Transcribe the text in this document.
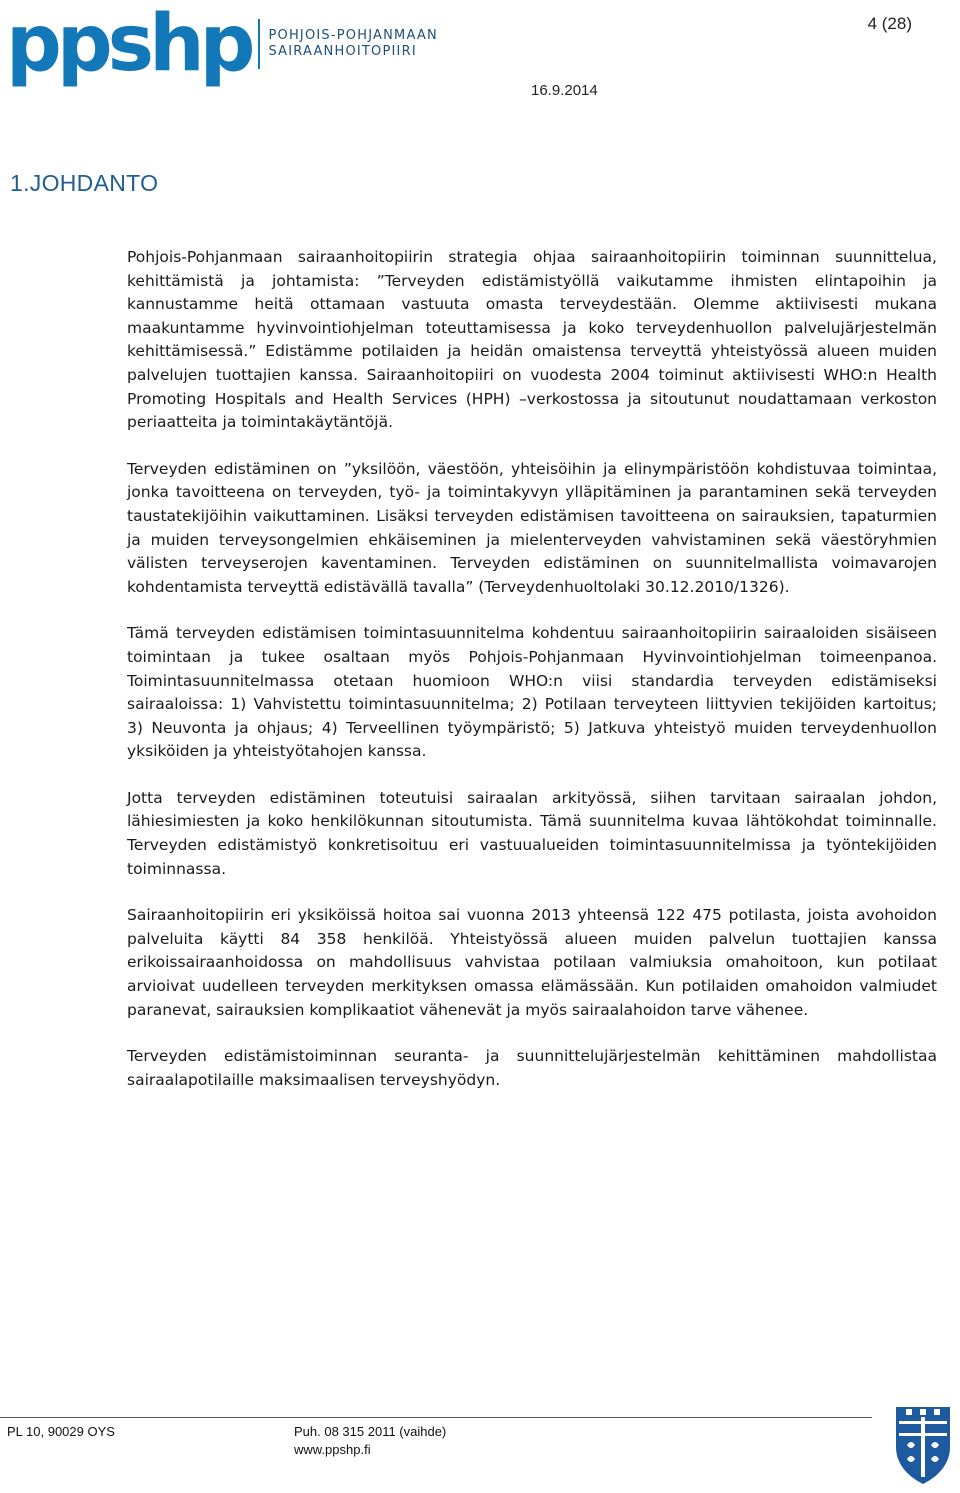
ppshp POHJOIS-POHJANMAAN
SAIRAANHOITOPIIRI
4 (28)
16.9.2014
1.JOHDANTO

Pohjois-Pohjanmaan sairaanhoitopiirin strategia ohjaa sairaanhoitopiirin toiminnan suunnittelua, kehittämistä ja johtamista: ”Terveyden edistämistyöllä vaikutamme ihmisten elintapoihin ja kannustamme heitä ottamaan vastuuta omasta terveydestään. Olemme aktiivisesti mukana maakuntamme hyvinvointiohjelman toteuttamisessa ja koko terveydenhuollon palvelujärjestelmän kehittämisessä.” Edistämme potilaiden ja heidän omaistensa terveyttä yhteistyössä alueen muiden palvelujen tuottajien kanssa. Sairaanhoitopiiri on vuodesta 2004 toiminut aktiivisesti WHO:n Health Promoting Hospitals and Health Services (HPH) –verkostossa ja sitoutunut noudattamaan verkoston periaatteita ja toimintakäytäntöjä.

Terveyden edistäminen on ”yksilöön, väestöön, yhteisöihin ja elinympäristöön kohdistuvaa toimintaa, jonka tavoitteena on terveyden, työ- ja toimintakyvyn ylläpitäminen ja parantaminen sekä terveyden taustatekijöihin vaikuttaminen. Lisäksi terveyden edistämisen tavoitteena on sairauksien, tapaturmien ja muiden terveysongelmien ehkäiseminen ja mielenterveyden vahvistaminen sekä väestöryhmien välisten terveyserojen kaventaminen. Terveyden edistäminen on suunnitelmallista voimavarojen kohdentamista terveyttä edistävällä tavalla” (Terveydenhuoltolaki 30.12.2010/1326).

Tämä terveyden edistämisen toimintasuunnitelma kohdentuu sairaanhoitopiirin sairaaloiden sisäiseen toimintaan ja tukee osaltaan myös Pohjois-Pohjanmaan Hyvinvointiohjelman toimeenpanoa. Toimintasuunnitelmassa otetaan huomioon WHO:n viisi standardia terveyden edistämiseksi sairaaloissa: 1) Vahvistettu toimintasuunnitelma; 2) Potilaan terveyteen liittyvien tekijöiden kartoitus; 3) Neuvonta ja ohjaus; 4) Terveellinen työympäristö; 5) Jatkuva yhteistyö muiden terveydenhuollon yksiköiden ja yhteistyötahojen kanssa.

Jotta terveyden edistäminen toteutuisi sairaalan arkityössä, siihen tarvitaan sairaalan johdon, lähiesimiesten ja koko henkilökunnan sitoutumista. Tämä suunnitelma kuvaa lähtökohdat toiminnalle. Terveyden edistämistyö konkretisoituu eri vastuualueiden toimintasuunnitelmissa ja työntekijöiden toiminnassa.

Sairaanhoitopiirin eri yksiköissä hoitoa sai vuonna 2013 yhteensä 122 475 potilasta, joista avohoidon palveluita käytti 84 358 henkilöä. Yhteistyössä alueen muiden palvelun tuottajien kanssa erikoissairaanhoidossa on mahdollisuus vahvistaa potilaan valmiuksia omahoitoon, kun potilaat arvioivat uudelleen terveyden merkityksen omassa elämässään. Kun potilaiden omahoidon valmiudet paranevat, sairauksien komplikaatiot vähenevät ja myös sairaalahoidon tarve vähenee.

Terveyden edistämistoiminnan seuranta- ja suunnittelujärjestelmän kehittäminen mahdollistaa sairaalapotilaille maksimaalisen terveyshyödyn.

PL 10, 90029 OYS	Puh. 08 315 2011 (vaihde)
www.ppshp.fi
